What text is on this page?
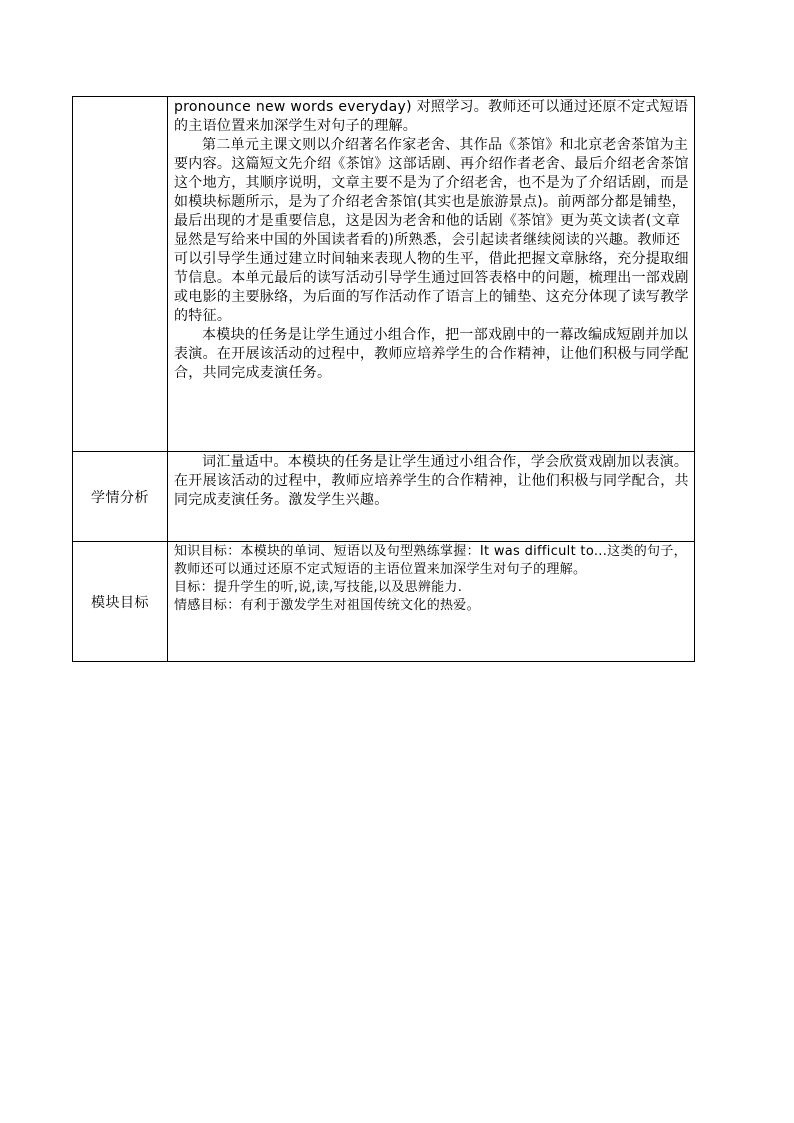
	pronounce new words everyday) 对照学习。教师还可以通过还原不定式短语的主语位置来加深学生对句子的理解。

第二单元主课文则以介绍著名作家老舍、其作品《茶馆》和北京老舍茶馆为主要内容。这篇短文先介绍《茶馆》这部话剧、再介绍作者老舍、最后介绍老舍茶馆这个地方，其顺序说明，文章主要不是为了介绍老舍，也不是为了介绍话剧，而是如模块标题所示，是为了介绍老舍茶馆(其实也是旅游景点)。前两部分都是铺垫，最后出现的才是重要信息，这是因为老舍和他的话剧《茶馆》更为英文读者(文章显然是写给来中国的外国读者看的)所熟悉，会引起读者继续阅读的兴趣。教师还可以引导学生通过建立时间轴来表现人物的生平，借此把握文章脉络，充分提取细节信息。本单元最后的读写活动引导学生通过回答表格中的问题，梳理出一部戏剧或电影的主要脉络，为后面的写作活动作了语言上的铺垫、这充分体现了读写教学的特征。

本模块的任务是让学生通过小组合作，把一部戏剧中的一幕改编成短剧并加以表演。在开展该活动的过程中，教师应培养学生的合作精神，让他们积极与同学配合，共同完成麦演任务。

学情分析	词汇量适中。本模块的任务是让学生通过小组合作，学会欣赏戏剧加以表演。在开展该活动的过程中，教师应培养学生的合作精神，让他们积极与同学配合，共同完成麦演任务。激发学生兴趣。

模块目标	知识目标：本模块的单词、短语以及句型熟练掌握：It was difficult to...这类的句子， 教师还可以通过还原不定式短语的主语位置来加深学生对句子的理解。

目标：提升学生的听,说,读,写技能,以及思辨能力.

情感目标：有利于激发学生对祖国传统文化的热爱。
